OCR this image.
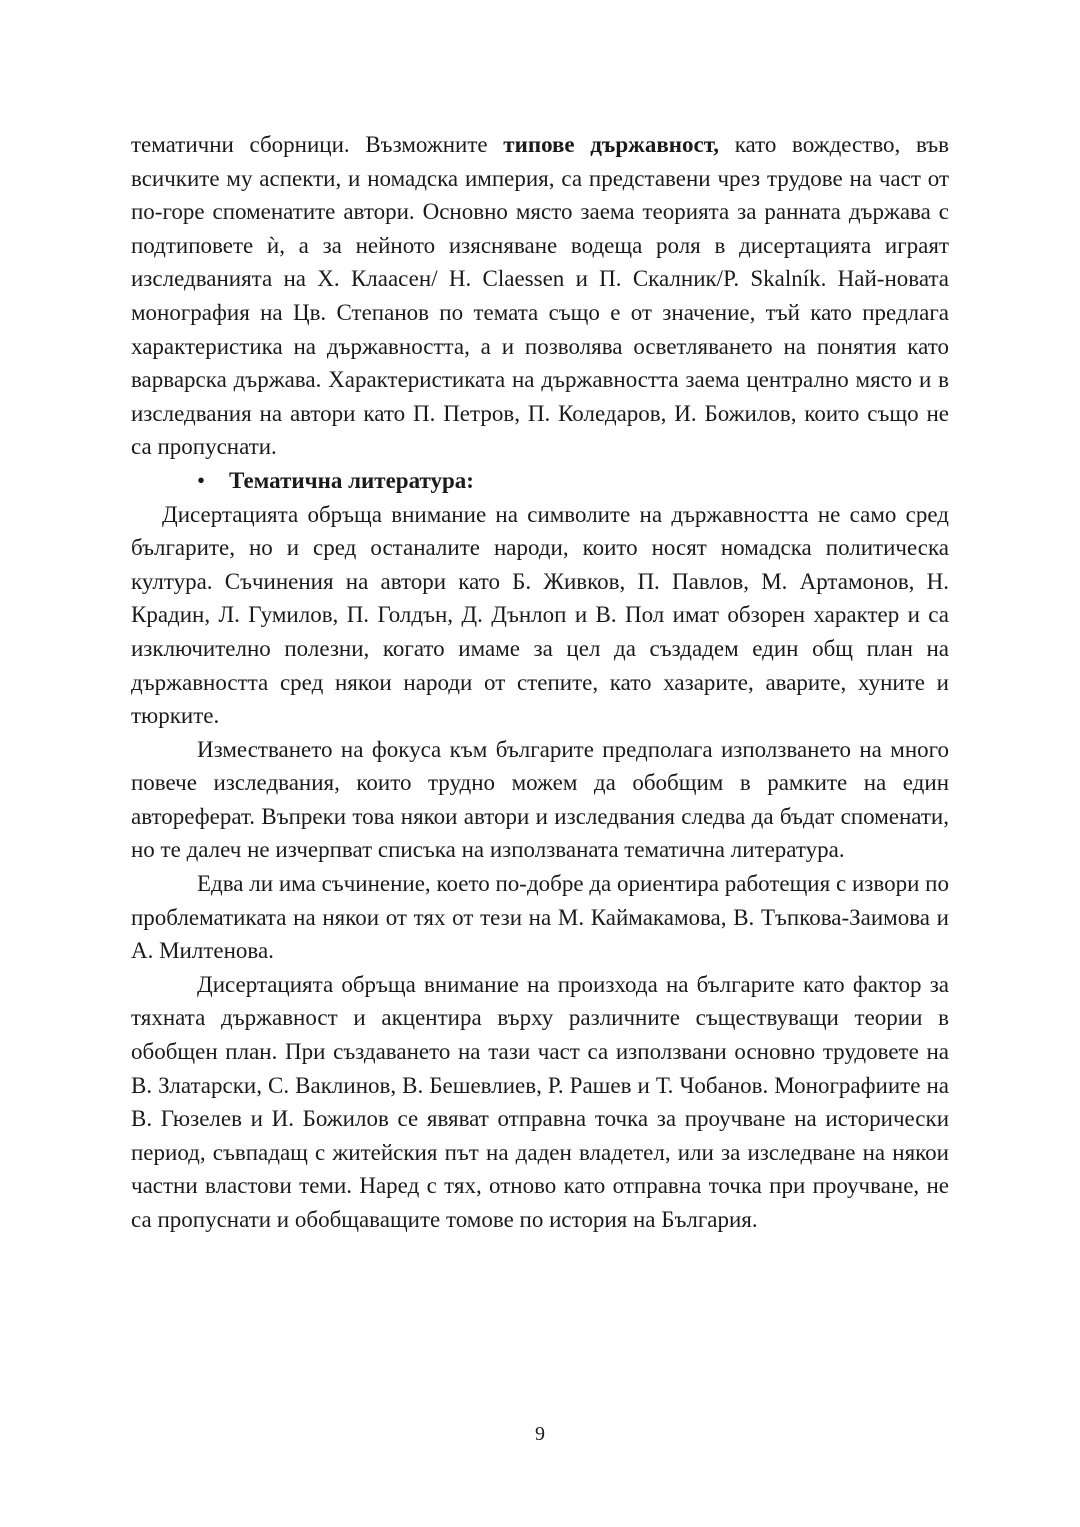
тематични сборници. Възможните типове държавност, като вождество, във всичките му аспекти, и номадска империя, са представени чрез трудове на част от по-горе споменатите автори. Основно място заема теорията за ранната държава с подтиповете ѝ, а за нейното изясняване водеща роля в дисертацията играят изследванията на Х. Клаасен/ H. Claessen и П. Скалник/P. Skalník. Най-новата монография на Цв. Степанов по темата също е от значение, тъй като предлага характеристика на държавността, а и позволява осветляването на понятия като варварска държава. Характеристиката на държавността заема централно място и в изследвания на автори като П. Петров, П. Коледаров, И. Божилов, които също не са пропуснати.

• Тематична литература:

Дисертацията обръща внимание на символите на държавността не само сред българите, но и сред останалите народи, които носят номадска политическа култура. Съчинения на автори като Б. Живков, П. Павлов, М. Артамонов, Н. Крадин, Л. Гумилов, П. Голдън, Д. Дънлоп и В. Пол имат обзорен характер и са изключително полезни, когато имаме за цел да създадем един общ план на държавността сред някои народи от степите, като хазарите, аварите, хуните и тюрките.

Изместването на фокуса към българите предполага използването на много повече изследвания, които трудно можем да обобщим в рамките на един автореферат. Въпреки това някои автори и изследвания следва да бъдат споменати, но те далеч не изчерпват списъка на използваната тематична литература.

Едва ли има съчинение, което по-добре да ориентира работещия с извори по проблематиката на някои от тях от тези на М. Каймакамова, В. Тъпкова-Заимова и А. Милтенова.

Дисертацията обръща внимание на произхода на българите като фактор за тяхната държавност и акцентира върху различните съществуващи теории в обобщен план. При създаването на тази част са използвани основно трудовете на В. Златарски, С. Ваклинов, В. Бешевлиев, Р. Рашев и Т. Чобанов. Монографиите на В. Гюзелев и И. Божилов се явяват отправна точка за проучване на исторически период, съвпадащ с житейския път на даден владетел, или за изследване на някои частни властови теми. Наред с тях, отново като отправна точка при проучване, не са пропуснати и обобщаващите томове по история на България.

9
